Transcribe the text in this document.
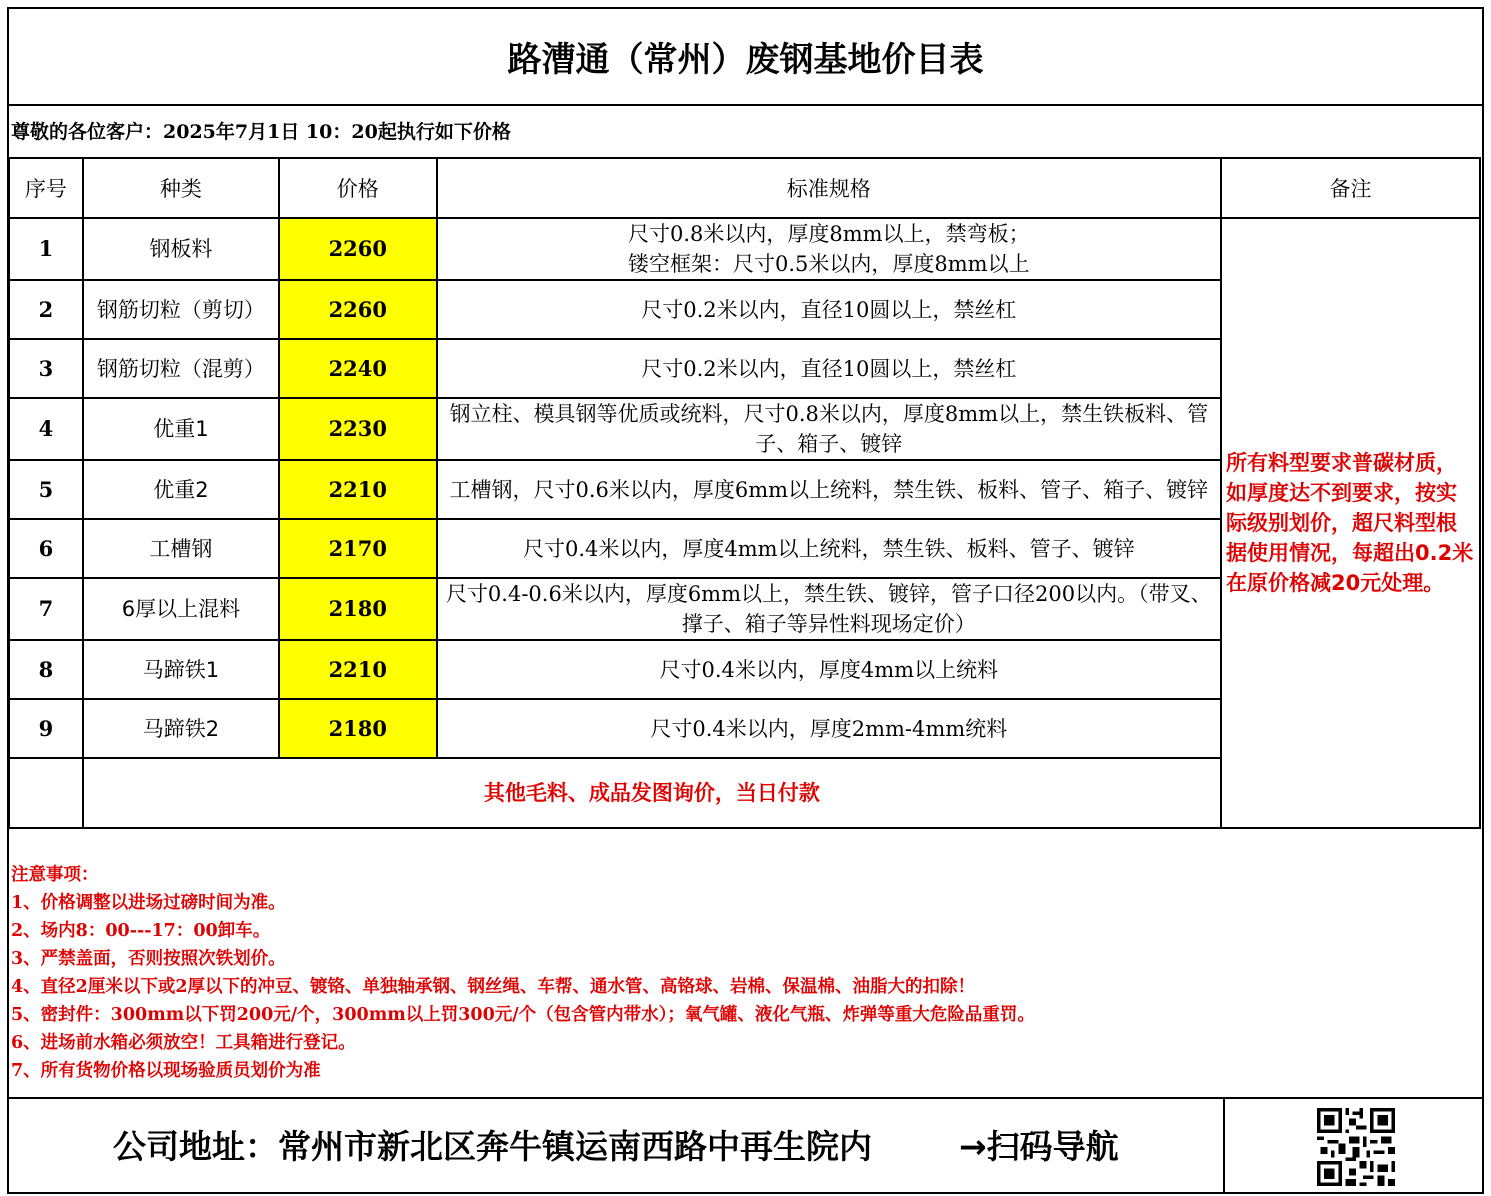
路漕通（常州）废钢基地价目表
尊敬的各位客户：2025年7月1日 10：20起执行如下价格
序号	种类	价格	标准规格	备注
1	钢板料	2260	尺寸0.8米以内，厚度8mm以上，禁弯板；
镂空框架：尺寸0.5米以内，厚度8mm以上	所有料型要求普碳材质，如厚度达不到要求，按实际级别划价，超尺料型根据使用情况，每超出0.2米在原价格减20元处理。
2	钢筋切粒（剪切）	2260	尺寸0.2米以内，直径10圆以上，禁丝杠	

3	钢筋切粒（混剪）	2240	尺寸0.2米以内，直径10圆以上，禁丝杠	

4	优重1	2230	钢立柱、模具钢等优质或统料，尺寸0.8米以内，厚度8mm以上，禁生铁板料、管
子、箱子、镀锌	

5	优重2	2210	工槽钢，尺寸0.6米以内，厚度6mm以上统料，禁生铁、板料、管子、箱子、镀锌	

6	工槽钢	2170	尺寸0.4米以内，厚度4mm以上统料，禁生铁、板料、管子、镀锌	

7	6厚以上混料	2180	尺寸0.4-0.6米以内，厚度6mm以上，禁生铁、镀锌，管子口径200以内。（带叉、
撑子、箱子等异性料现场定价）	

8	马蹄铁1	2210	尺寸0.4米以内，厚度4mm以上统料	

9	马蹄铁2	2180	尺寸0.4米以内，厚度2mm-4mm统料	

	其他毛料、成品发图询价，当日付款			
注意事项：
1、价格调整以进场过磅时间为准。
2、场内8：00---17：00卸车。
3、严禁盖面，否则按照次铁划价。
4、直径2厘米以下或2厚以下的冲豆、镀铬、单独轴承钢、钢丝绳、车帮、通水管、高铬球、岩棉、保温棉、油脂大的扣除！
5、密封件：300mm以下罚200元/个，300mm以上罚300元/个（包含管内带水）；氧气罐、液化气瓶、炸弹等重大危险品重罚。
6、进场前水箱必须放空！工具箱进行登记。
7、所有货物价格以现场验质员划价为准
公司地址：常州市新北区奔牛镇运南西路中再生院内	→扫码导航
